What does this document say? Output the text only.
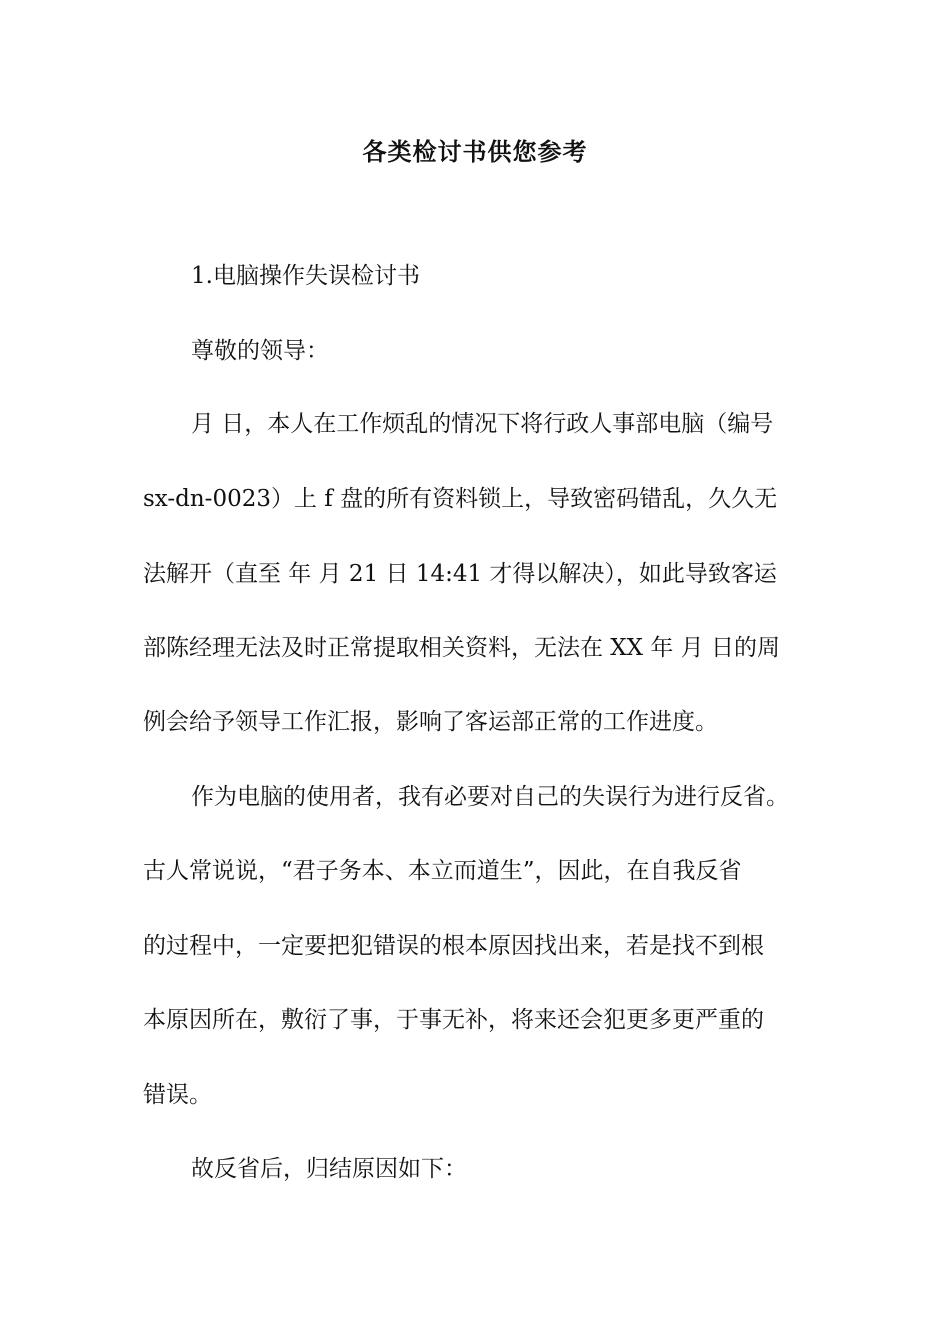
各类检讨书供您参考
1.电脑操作失误检讨书
尊敬的领导：
月 日，本人在工作烦乱的情况下将行政人事部电脑（编号
sx-dn-0023）上 f 盘的所有资料锁上，导致密码错乱，久久无
法解开（直至 年 月 21 日 14:41 才得以解决），如此导致客运
部陈经理无法及时正常提取相关资料，无法在 XX 年 月 日的周
例会给予领导工作汇报，影响了客运部正常的工作进度。
作为电脑的使用者，我有必要对自己的失误行为进行反省。
古人常说说，“君子务本、本立而道生”，因此，在自我反省
的过程中，一定要把犯错误的根本原因找出来，若是找不到根
本原因所在，敷衍了事，于事无补，将来还会犯更多更严重的
错误。
故反省后，归结原因如下：
